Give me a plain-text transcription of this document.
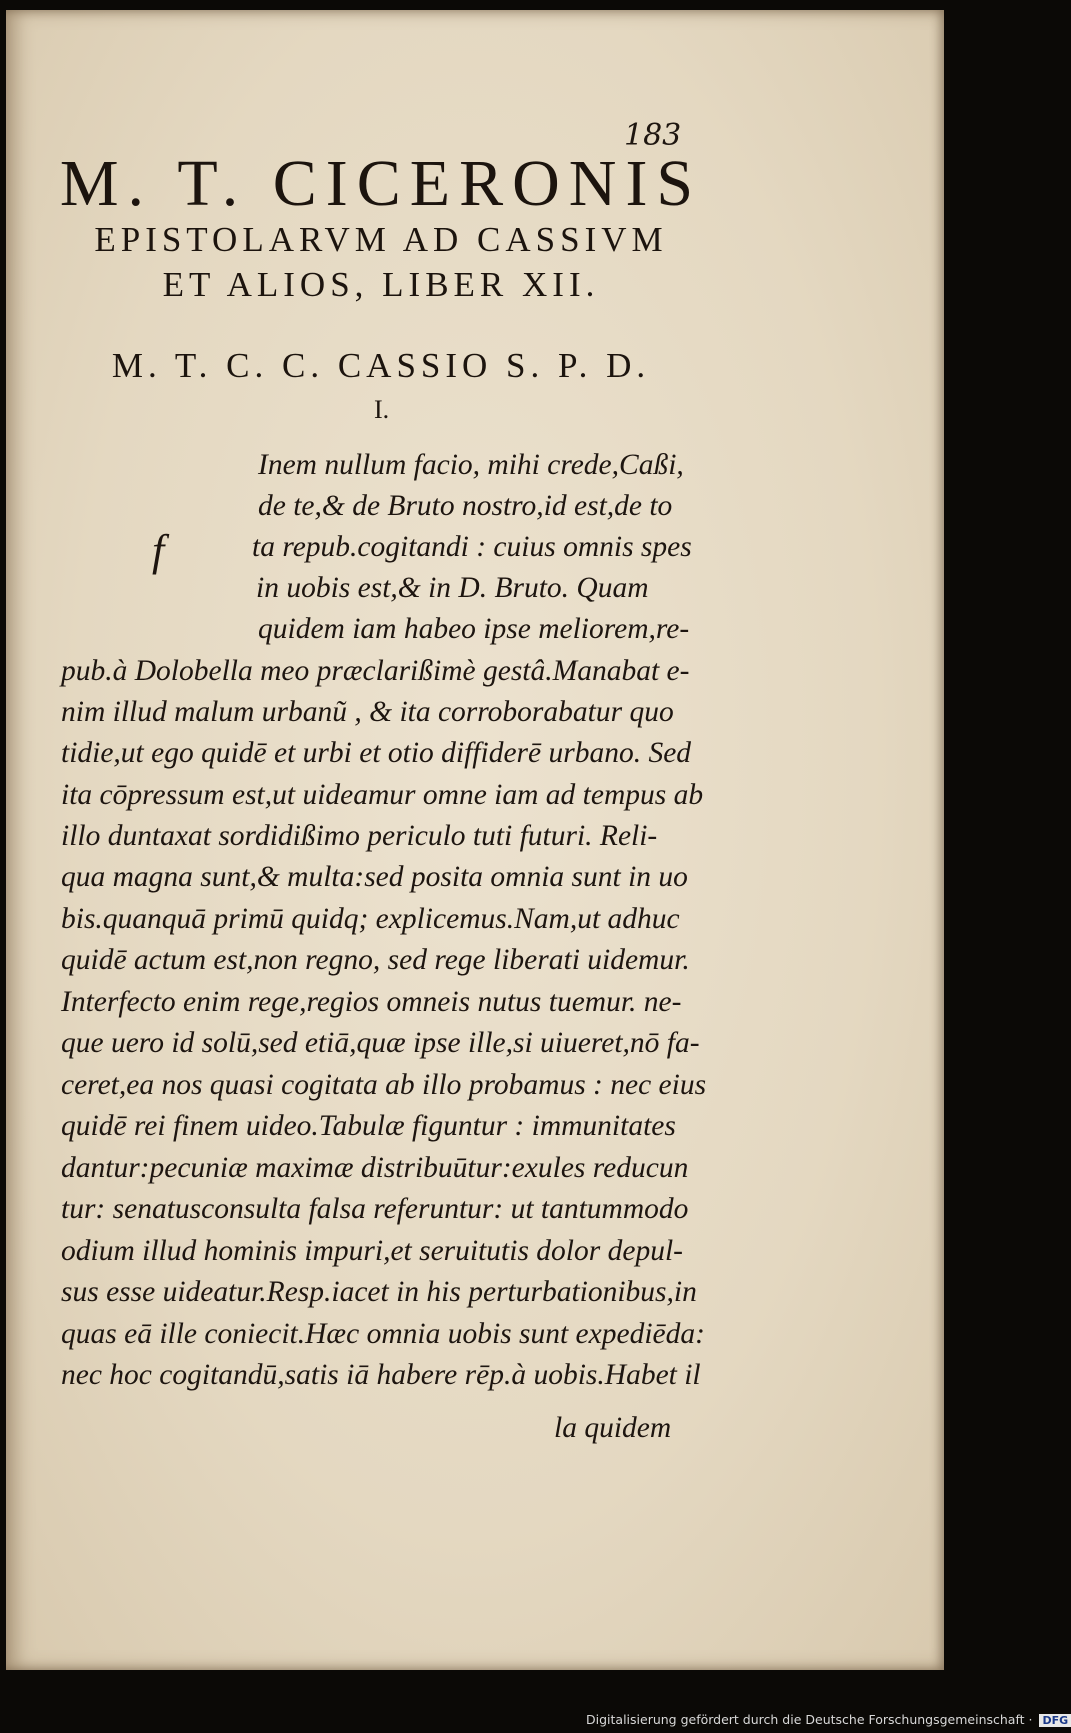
183
M. T. CICERONIS
EPISTOLARVM AD CASSIVM
ET ALIOS, LIBER XII.
M. T. C. C. CASSIO S. P. D.
I.
f
Inem nullum facio, mihi crede,Caßi,
de te,& de Bruto nostro,id est,de to
ta repub.cogitandi : cuius omnis spes
in uobis est,& in D. Bruto. Quam
quidem iam habeo ipse meliorem,re-
pub.à Dolobella meo præclarißimè gestâ.Manabat e-
nim illud malum urbanũ , & ita corroborabatur quo
tidie,ut ego quidē et urbi et otio diffiderē urbano. Sed
ita cōpressum est,ut uideamur omne iam ad tempus ab
illo duntaxat sordidißimo periculo tuti futuri. Reli-
qua magna sunt,& multa:sed posita omnia sunt in uo
bis.quanquā primū quidq; explicemus.Nam,ut adhuc
quidē actum est,non regno, sed rege liberati uidemur.
Interfecto enim rege,regios omneis nutus tuemur. ne-
que uero id solū,sed etiā,quæ ipse ille,si uiueret,nō fa-
ceret,ea nos quasi cogitata ab illo probamus : nec eius
quidē rei finem uideo.Tabulæ figuntur : immunitates
dantur:pecuniæ maximæ distribuūtur:exules reducun
tur: senatusconsulta falsa referuntur: ut tantummodo
odium illud hominis impuri,et seruitutis dolor depul-
sus esse uideatur.Resp.iacet in his perturbationibus,in
quas eā ille coniecit.Hæc omnia uobis sunt expediēda:
nec hoc cogitandū,satis iā habere rēp.à uobis.Habet il
la quidem
Digitalisierung gefördert durch die Deutsche Forschungsgemeinschaft · DFG
